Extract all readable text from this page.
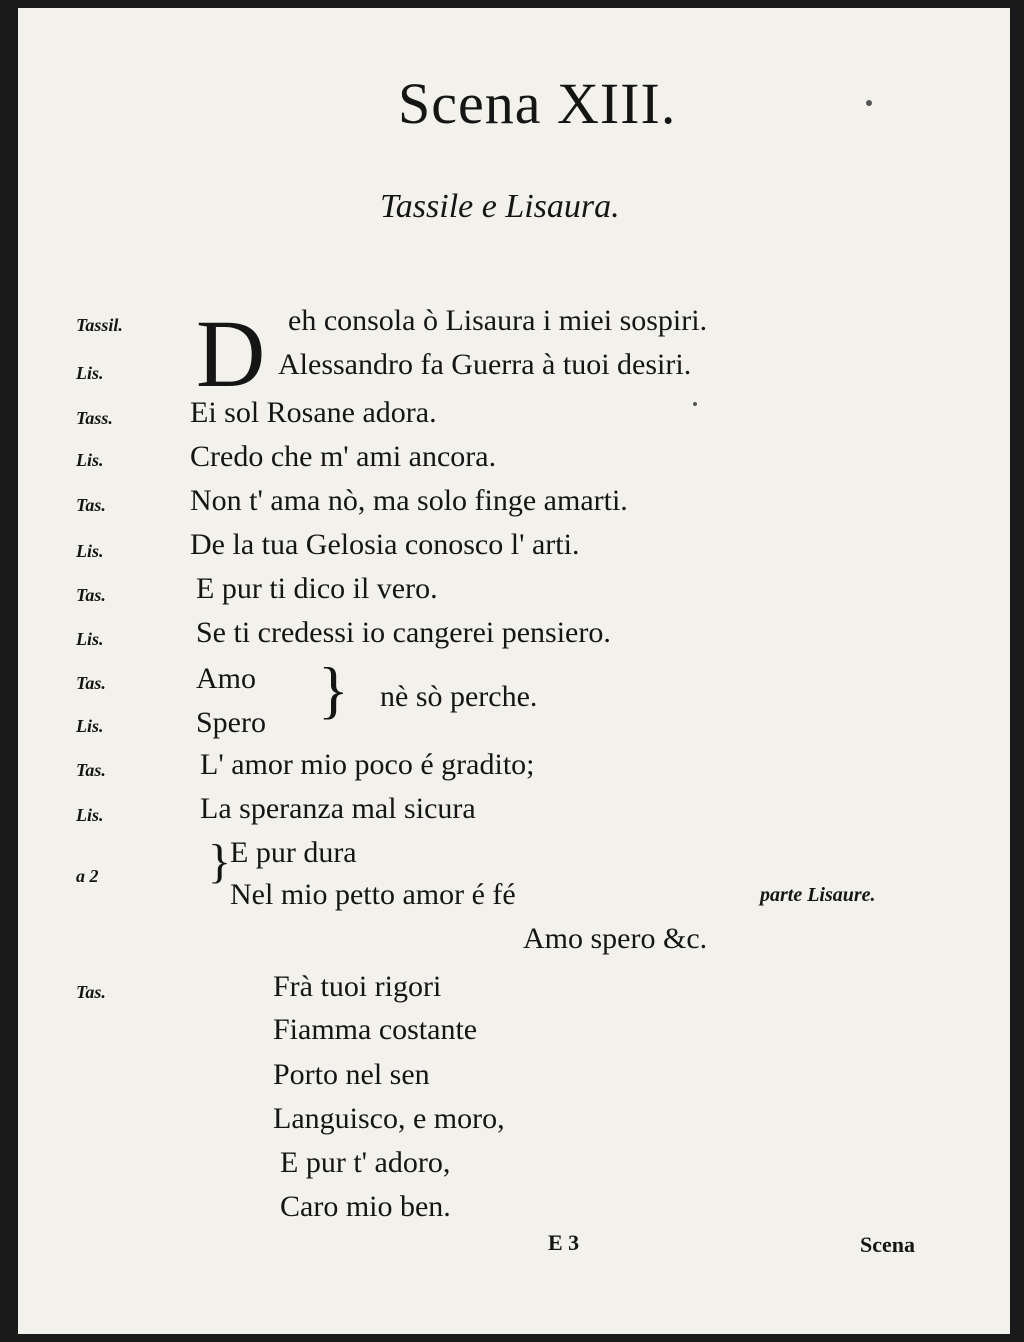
Scena XIII.
Tassile e Lisaura.
D
Tassil.	eh consola ò Lisaura i miei sospiri.
Lis.	Alessandro fa Guerra à tuoi desiri.
Tass.	Ei sol Rosane adora.
Lis.	Credo che m' ami ancora.
Tas.	Non t' ama nò, ma solo finge amarti.
Lis.	De la tua Gelosia conosco l' arti.
Tas.	E pur ti dico il vero.
Lis.	Se ti credessi io cangerei pensiero.
Tas.	Amo
Lis.	Spero } nè sò perche.
Tas.	L' amor mio poco é gradito;
Lis.	La speranza mal sicura
a 2 }
E pur dura
Nel mio petto amor é fé	parte Lisaure.
Amo spero &c.
Tas.	Frà tuoi rigori
Fiamma costante
Porto nel sen
Languisco, e moro,
E pur t' adoro,
Caro mio ben.
E 3	Scena
